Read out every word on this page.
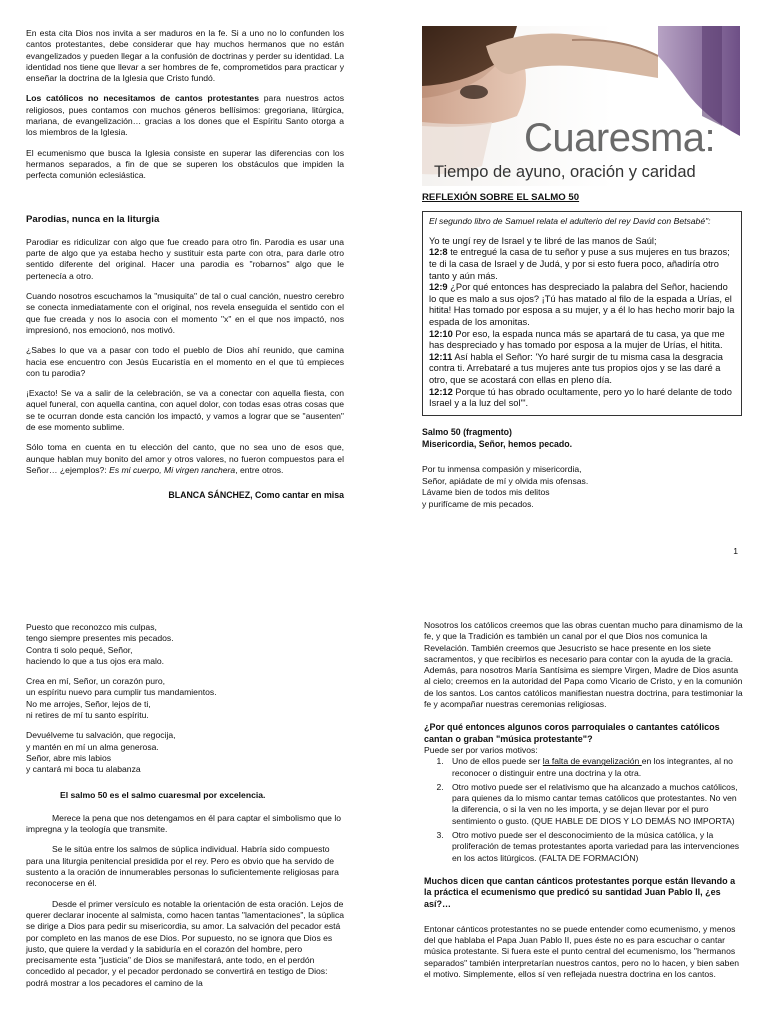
En esta cita Dios nos invita a ser maduros en la fe. Si a uno no lo confunden los cantos protestantes, debe considerar que hay muchos hermanos que no están evangelizados y pueden llegar a la confusión de doctrinas y perder su identidad. La identidad nos tiene que llevar a ser hombres de fe, comprometidos para practicar y enseñar la doctrina de la Iglesia que Cristo fundó.

Los católicos no necesitamos de cantos protestantes para nuestros actos religiosos, pues contamos con muchos géneros bellísimos: gregoriana, litúrgica, mariana, de evangelización… gracias a los dones que el Espíritu Santo otorga a los miembros de la Iglesia.

El ecumenismo que busca la Iglesia consiste en superar las diferencias con los hermanos separados, a fin de que se superen los obstáculos que impiden la perfecta comunión eclesiástica.

Parodias, nunca en la liturgia

Parodiar es ridiculizar con algo que fue creado para otro fin. Parodia es usar una parte de algo que ya estaba hecho y sustituir esta parte con otra, para darle otro sentido diferente del original. Hacer una parodia es "robarnos" algo que le pertenecía a otro.

Cuando nosotros escuchamos la "musiquita" de tal o cual canción, nuestro cerebro se conecta inmediatamente con el original, nos revela enseguida el sentido con el que fue creada y nos lo asocia con el momento "x" en el que nos impactó, nos impresionó, nos emocionó, nos motivó.

¿Sabes lo que va a pasar con todo el pueblo de Dios ahí reunido, que camina hacia ese encuentro con Jesús Eucaristía en el momento en el que tú empieces con tu parodia?

¡Exacto! Se va a salir de la celebración, se va a conectar con aquella fiesta, con aquel funeral, con aquella cantina, con aquel dolor, con todas esas otras cosas que se te ocurran donde esta canción los impactó, y vamos a lograr que se "ausenten" de ese momento sublime.

Sólo toma en cuenta en tu elección del canto, que no sea uno de esos que, aunque hablan muy bonito del amor y otros valores, no fueron compuestos para el Señor… ¿ejemplos?: Es mi cuerpo, Mi virgen ranchera, entre otros.

BLANCA SÁNCHEZ, Como cantar en misa
Cuaresma:
Tiempo de ayuno, oración y caridad
REFLEXIÓN SOBRE EL SALMO 50
El segundo libro de Samuel relata el adulterio del rey David con Betsabé":

Yo te ungí rey de Israel y te libré de las manos de Saúl;

12:8 te entregué la casa de tu señor y puse a sus mujeres en tus brazos; te di la casa de Israel y de Judá, y por si esto fuera poco, añadiría otro tanto y aún más.

12:9 ¿Por qué entonces has despreciado la palabra del Señor, haciendo lo que es malo a sus ojos? ¡Tú has matado al filo de la espada a Urías, el hitita! Has tomado por esposa a su mujer, y a él lo has hecho morir bajo la espada de los amonitas.

12:10 Por eso, la espada nunca más se apartará de tu casa, ya que me has despreciado y has tomado por esposa a la mujer de Urías, el hitita.

12:11 Así habla el Señor: 'Yo haré surgir de tu misma casa la desgracia contra ti. Arrebataré a tus mujeres ante tus propios ojos y se las daré a otro, que se acostará con ellas en pleno día.

12:12 Porque tú has obrado ocultamente, pero yo lo haré delante de todo Israel y a la luz del sol'".

Salmo 50 (fragmento)
Misericordia, Señor, hemos pecado.
Por tu inmensa compasión y misericordia,
Señor, apiádate de mí y olvida mis ofensas.
Lávame bien de todos mis delitos
y purifícame de mis pecados.
1

Puesto que reconozco mis culpas,
tengo siempre presentes mis pecados.
Contra ti solo pequé, Señor,
haciendo lo que a tus ojos era malo.

Crea en mí, Señor, un corazón puro,
un espíritu nuevo para cumplir tus mandamientos.
No me arrojes, Señor, lejos de ti,
ni retires de mí tu santo espíritu.

Devuélveme tu salvación, que regocija,
y mantén en mí un alma generosa.
Señor, abre mis labios
y cantará mi boca tu alabanza

El salmo 50 es el salmo cuaresmal por excelencia.

Merece la pena que nos detengamos en él para captar el simbolismo que lo impregna y la teología que transmite.

Se le sitúa entre los salmos de súplica individual. Habría sido compuesto para una liturgia penitencial presidida por el rey. Pero es obvio que ha servido de sustento a la oración de innumerables personas lo suficientemente religiosas para reconocerse en él.

Desde el primer versículo es notable la orientación de esta oración. Lejos de querer declarar inocente al salmista, como hacen tantas "lamentaciones", la súplica se dirige a Dios para pedir su misericordia, su amor. La salvación del pecador está por completo en las manos de ese Dios. Por supuesto, no se ignora que Dios es justo, que quiere la verdad y la sabiduría en el corazón del hombre, pero precisamente esta "justicia" de Dios se manifestará, ante todo, en el perdón concedido al pecador, y el pecador perdonado se convertirá en testigo de Dios: podrá mostrar a los pecadores el camino de la

Nosotros los católicos creemos que las obras cuentan mucho para dinamismo de la fe, y que la Tradición es también un canal por el que Dios nos comunica la Revelación. También creemos que Jesucristo se hace presente en los siete sacramentos, y que recibirlos es necesario para contar con la ayuda de la gracia. Además, para nosotros María Santísima es siempre Virgen, Madre de Dios asunta al cielo; creemos en la autoridad del Papa como Vicario de Cristo, y en la comunión de los santos. Los cantos católicos manifiestan nuestra doctrina, para testimoniar la fe y acompañar nuestras ceremonias religiosas.

¿Por qué entonces algunos coros parroquiales o cantantes católicos cantan o graban "música protestante"?
Puede ser por varios motivos:
1. Uno de ellos puede ser la falta de evangelización en los integrantes, al no reconocer o distinguir entre una doctrina y la otra.
2. Otro motivo puede ser el relativismo que ha alcanzado a muchos católicos, para quienes da lo mismo cantar temas católicos que protestantes. No ven la diferencia, o si la ven no les importa, y se dejan llevar por el puro sentimiento o gusto. (QUE HABLE DE DIOS Y LO DEMÁS NO IMPORTA)
3. Otro motivo puede ser el desconocimiento de la música católica, y la proliferación de temas protestantes aporta variedad para las intervenciones en los actos litúrgicos. (FALTA DE FORMACIÓN)
Muchos dicen que cantan cánticos protestantes porque están llevando a la práctica el ecumenismo que predicó su santidad Juan Pablo II, ¿es así?…

Entonar cánticos protestantes no se puede entender como ecumenismo, y menos del que hablaba el Papa Juan Pablo II, pues éste no es para escuchar o cantar música protestante. Si fuera este el punto central del ecumenismo, los "hermanos separados" también interpretarían nuestros cantos, pero no lo hacen, y bien saben el motivo. Simplemente, ellos sí ven reflejada nuestra doctrina en los cantos.
